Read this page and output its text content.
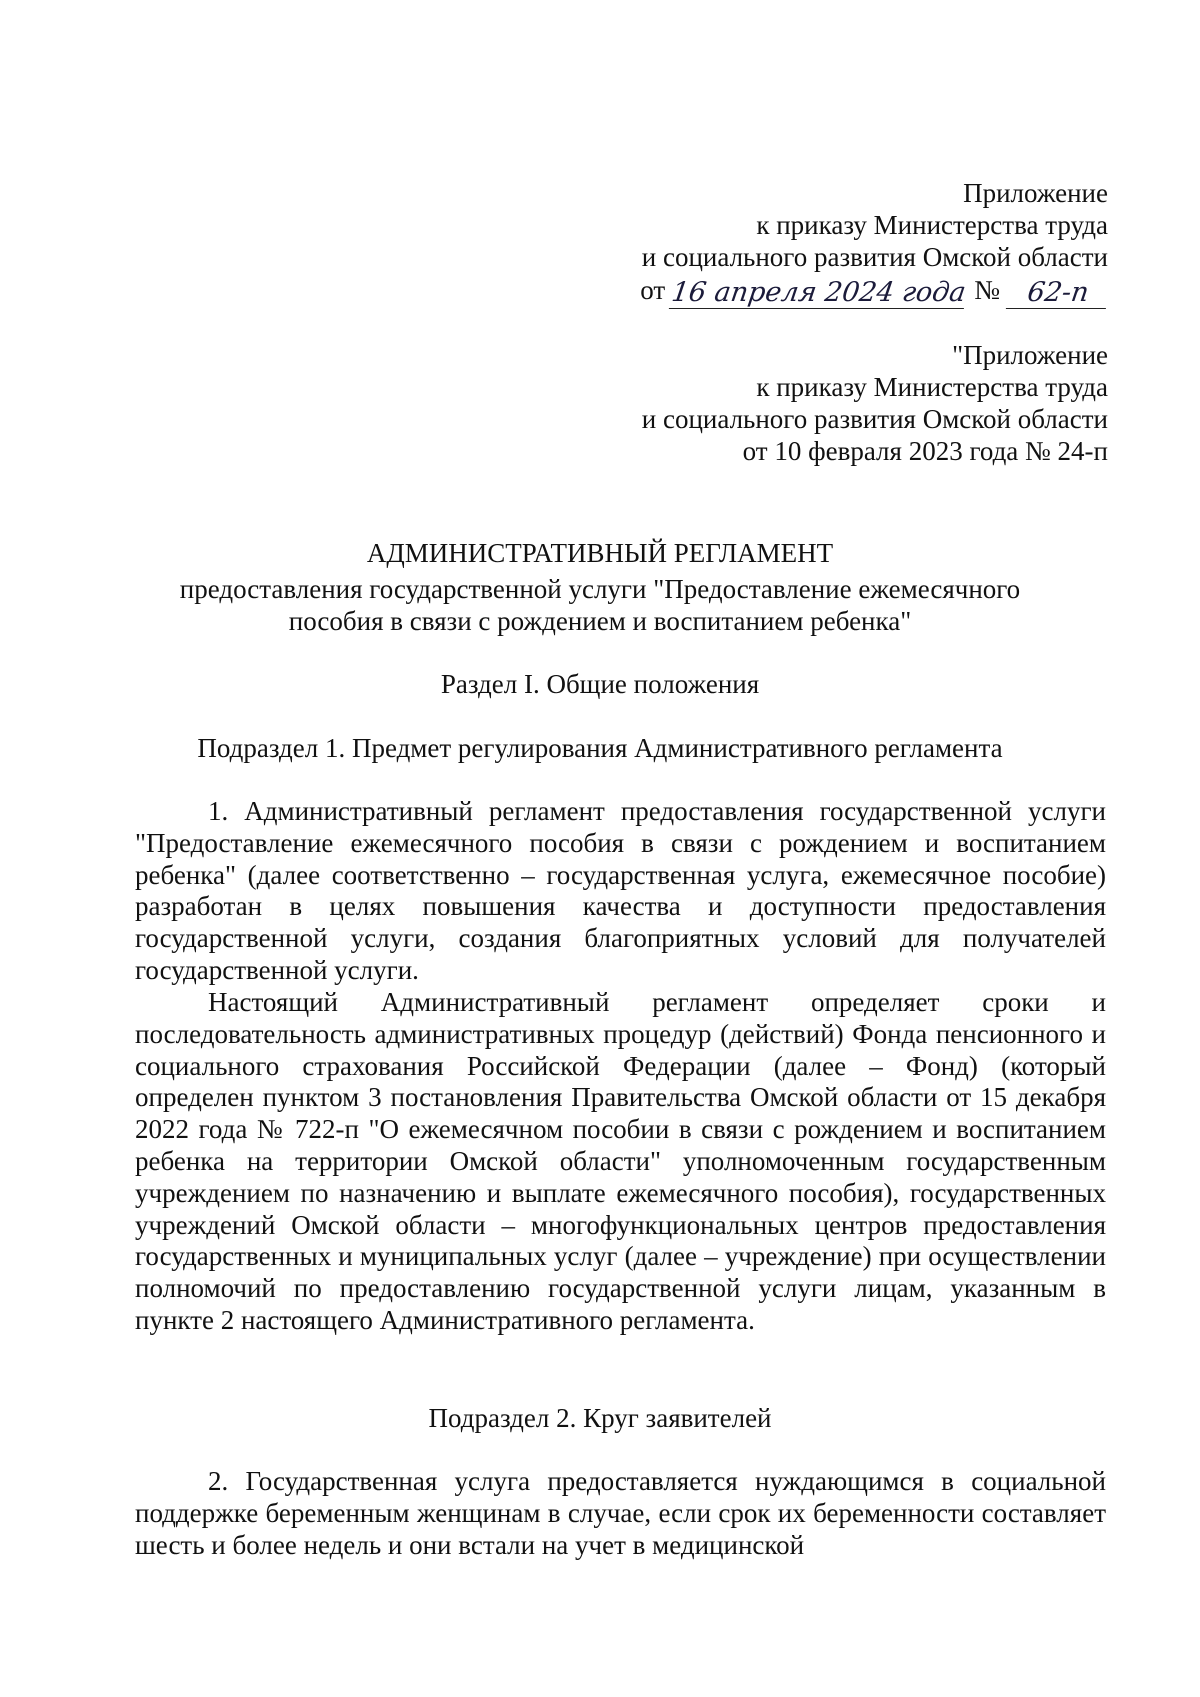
Приложение
к приказу Министерства труда
и социального развития Омской области
от 16 апреля 2024 года № 62-п
"Приложение
к приказу Министерства труда
и социального развития Омской области
от 10 февраля 2023 года № 24-п
АДМИНИСТРАТИВНЫЙ РЕГЛАМЕНТ
предоставления государственной услуги "Предоставление ежемесячного
пособия в связи с рождением и воспитанием ребенка"
Раздел I. Общие положения
Подраздел 1. Предмет регулирования Административного регламента
1. Административный регламент предоставления государственной услуги "Предоставление ежемесячного пособия в связи с рождением и воспитанием ребенка" (далее соответственно – государственная услуга, ежемесячное пособие) разработан в целях повышения качества и доступности предоставления государственной услуги, создания благоприятных условий для получателей государственной услуги.
Настоящий Административный регламент определяет сроки и последовательность административных процедур (действий) Фонда пенсионного и социального страхования Российской Федерации (далее – Фонд) (который определен пунктом 3 постановления Правительства Омской области от 15 декабря 2022 года № 722-п "О ежемесячном пособии в связи с рождением и воспитанием ребенка на территории Омской области" уполномоченным государственным учреждением по назначению и выплате ежемесячного пособия), государственных учреждений Омской области – многофункциональных центров предоставления государственных и муниципальных услуг (далее – учреждение) при осуществлении полномочий по предоставлению государственной услуги лицам, указанным в пункте 2 настоящего Административного регламента.
Подраздел 2. Круг заявителей
2. Государственная услуга предоставляется нуждающимся в социальной поддержке беременным женщинам в случае, если срок их беременности составляет шесть и более недель и они встали на учет в медицинской
